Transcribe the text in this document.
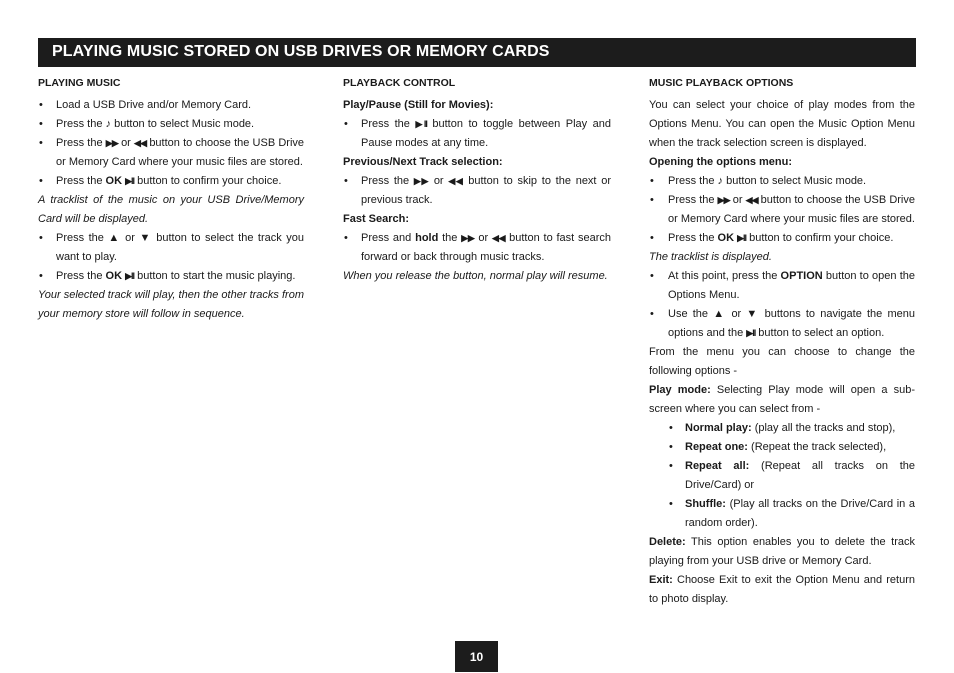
PLAYING MUSIC STORED ON USB DRIVES OR MEMORY CARDS
PLAYING MUSIC
• Load a USB Drive and/or Memory Card.
• Press the ♪ button to select Music mode.
• Press the ▶▶ or ◀◀ button to choose the USB Drive or Memory Card where your music files are stored.
• Press the OK ▶II button to confirm your choice.

A tracklist of the music on your USB Drive/Memory Card will be displayed.

• Press the ▲ or ▼ button to select the track you want to play.
• Press the OK ▶II button to start the music playing.

Your selected track will play, then the other tracks from your memory store will follow in sequence.

PLAYBACK CONTROL

Play/Pause (Still for Movies):

• Press the ▶II button to toggle between Play and Pause modes at any time.

Previous/Next Track selection:

• Press the ▶▶ or ◀◀ button to skip to the next or previous track.

Fast Search:

• Press and hold the ▶▶ or ◀◀ button to fast search forward or back through music tracks.

When you release the button, normal play will resume.

MUSIC PLAYBACK OPTIONS

You can select your choice of play modes from the Options Menu. You can open the Music Option Menu when the track selection screen is displayed.

Opening the options menu:

• Press the ♪ button to select Music mode.
• Press the ▶▶ or ◀◀ button to choose the USB Drive or Memory Card where your music files are stored.
• Press the OK ▶II button to confirm your choice.

The tracklist is displayed.

• At this point, press the OPTION button to open the Options Menu.
• Use the ▲ or ▼ buttons to navigate the menu options and the ▶II button to select an option.

From the menu you can choose to change the following options -

Play mode: Selecting Play mode will open a sub-screen where you can select from -

• Normal play: (play all the tracks and stop),
• Repeat one: (Repeat the track selected),
• Repeat all: (Repeat all tracks on the Drive/Card) or
• Shuffle: (Play all tracks on the Drive/Card in a random order).

Delete: This option enables you to delete the track playing from your USB drive or Memory Card.

Exit: Choose Exit to exit the Option Menu and return to photo display.

10
